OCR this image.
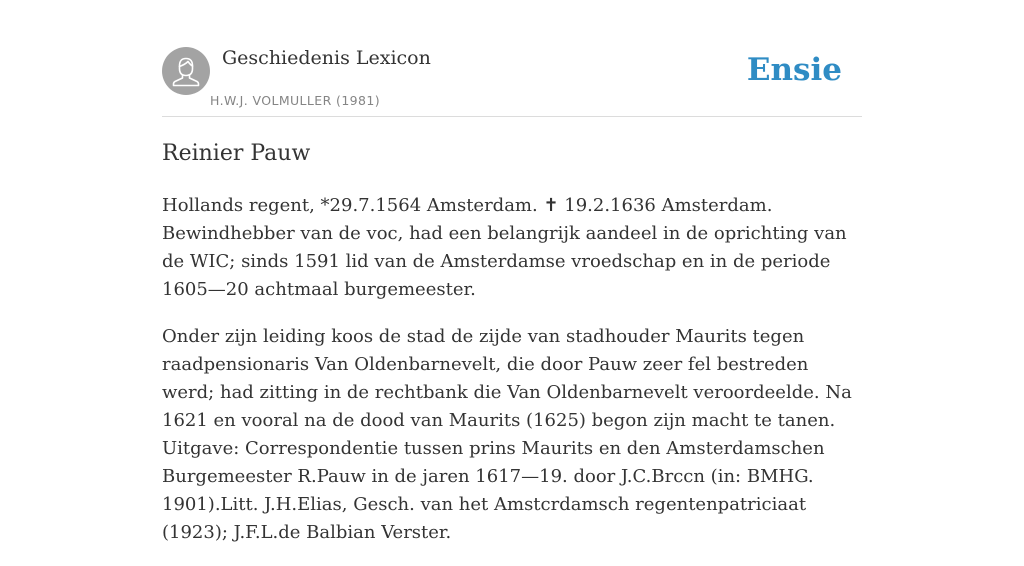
Geschiedenis Lexicon
H.W.J. VOLMULLER (1981)
Ensie
Reinier Pauw

Hollands regent, *29.7.1564 Amsterdam. ✝ 19.2.1636 Amsterdam. Bewindhebber van de voc, had een belangrijk aandeel in de oprichting van de WIC; sinds 1591 lid van de Amsterdamse vroedschap en in de periode 1605—20 achtmaal burgemeester.

Onder zijn leiding koos de stad de zijde van stadhouder Maurits tegen raadpensionaris Van Oldenbarnevelt, die door Pauw zeer fel bestreden werd; had zitting in de rechtbank die Van Oldenbarnevelt veroordeelde. Na 1621 en vooral na de dood van Maurits (1625) begon zijn macht te tanen. Uitgave: Correspondentie tussen prins Maurits en den Amsterdamschen Burgemeester R.Pauw in de jaren 1617—19. door J.C.Brccn (in: BMHG. 1901).Litt. J.H.Elias, Gesch. van het Amstcrdamsch regentenpatriciaat (1923); J.F.L.de Balbian Verster.
